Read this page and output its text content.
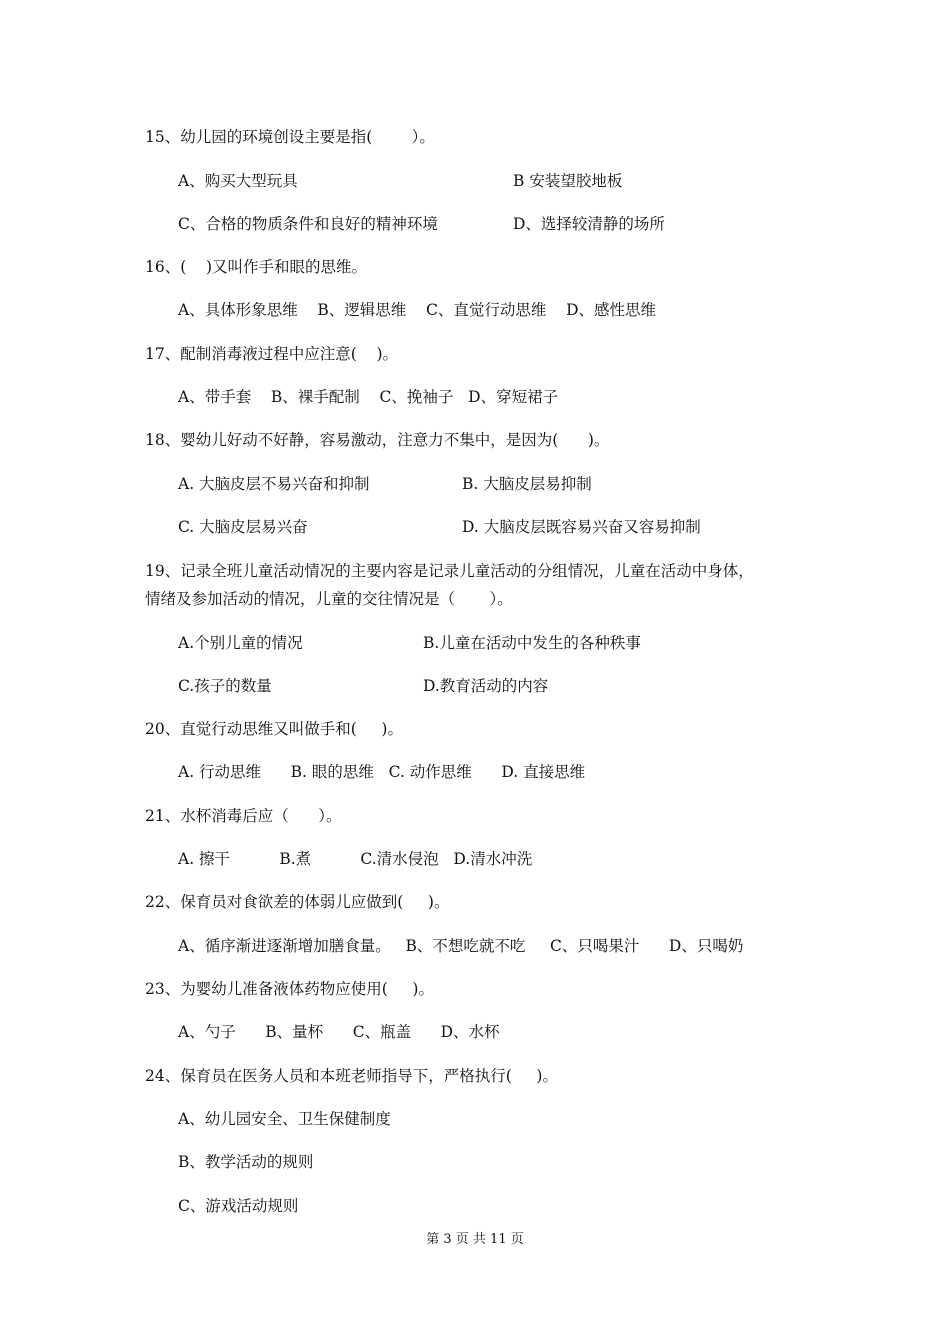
15、幼儿园的环境创设主要是指(        ）。
A、购买大型玩具	B 安装望胶地板
C、合格的物质条件和良好的精神环境	D、选择较清静的场所
16、(    )又叫作手和眼的思维。
A、具体形象思维    B、逻辑思维    C、直觉行动思维    D、感性思维
17、配制消毒液过程中应注意(    )。
A、带手套    B、裸手配制    C、挽袖子   D、穿短裙子
18、婴幼儿好动不好静，容易激动，注意力不集中，是因为(      )。
A. 大脑皮层不易兴奋和抑制	B. 大脑皮层易抑制
C. 大脑皮层易兴奋	D. 大脑皮层既容易兴奋又容易抑制
19、记录全班儿童活动情况的主要内容是记录儿童活动的分组情况，儿童在活动中身体，
情绪及参加活动的情况，儿童的交往情况是（       ）。
A.个别儿童的情况	B.儿童在活动中发生的各种秩事
C.孩子的数量	D.教育活动的内容
20、直觉行动思维又叫做手和(     )。
A. 行动思维      B. 眼的思维   C. 动作思维      D. 直接思维
21、水杯消毒后应（      ）。
A. 擦干          B.煮          C.清水侵泡   D.清水冲洗
22、保育员对食欲差的体弱儿应做到(     )。
A、循序渐进逐渐增加膳食量。   B、不想吃就不吃     C、只喝果汁      D、只喝奶
23、为婴幼儿准备液体药物应使用(     )。
A、勺子      B、量杯      C、瓶盖      D、水杯
24、保育员在医务人员和本班老师指导下，严格执行(     )。
A、幼儿园安全、卫生保健制度
B、教学活动的规则
C、游戏活动规则
第 3 页 共 11 页
